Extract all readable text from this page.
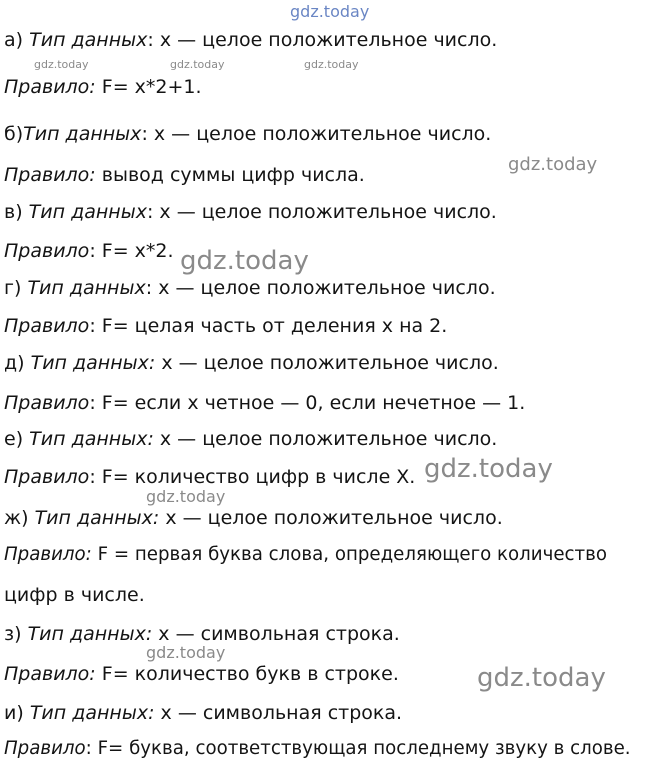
gdz.today
а) Тип данных: x — целое положительное число.
Правило: F= x*2+1.
б)Тип данных: x — целое положительное число.
Правило: вывод суммы цифр числа.
в) Тип данных: x — целое положительное число.
Правило: F= x*2.
г) Тип данных: x — целое положительное число.
Правило: F= целая часть от деления x на 2.
д) Тип данных: x — целое положительное число.
Правило: F= если x четное — 0, если нечетное — 1.
е) Тип данных: x — целое положительное число.
Правило: F= количество цифр в числе X.
ж) Тип данных: x — целое положительное число.
Правило: F = первая буква слова, определяющего количество
цифр в числе.
з) Тип данных: x — символьная строка.
Правило: F= количество букв в строке.
и) Тип данных: x — символьная строка.
Правило: F= буква, соответствующая последнему звуку в слове.
gdz.today	gdz.today	gdz.today
gdz.today
gdz.today
gdz.today
gdz.today
gdz.today
gdz.today
